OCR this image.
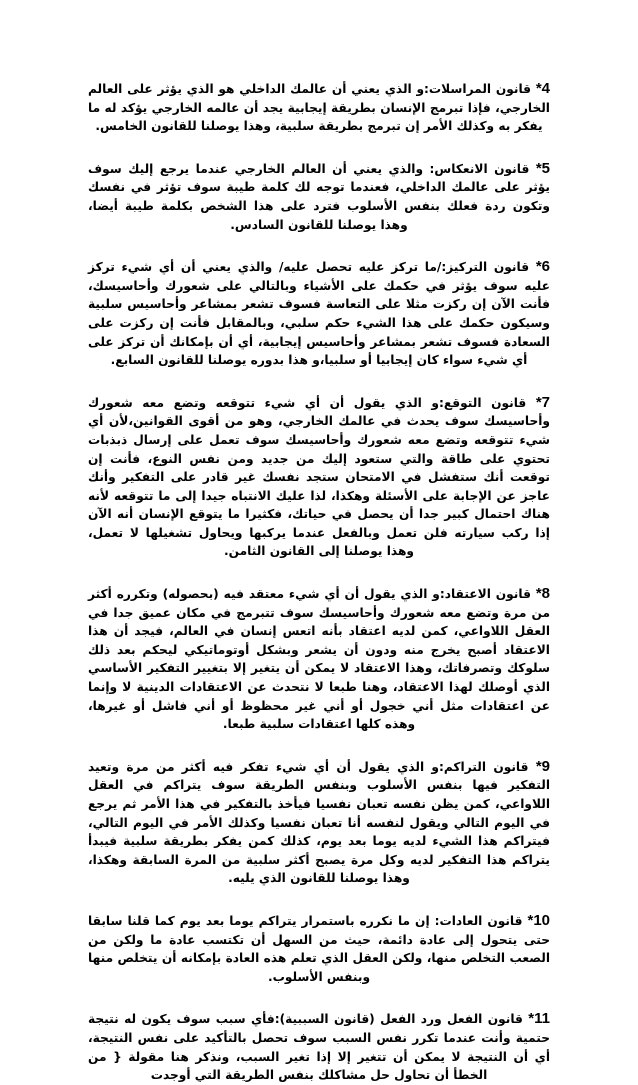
4* قانون المراسلات:و الذي يعني أن عالمك الداخلي هو الذي يؤثر على العالم الخارجي، فإذا تبرمج الإنسان بطريقة إيجابية يجد أن عالمه الخارجي يؤكد له ما يفكر به وكذلك الأمر إن تبرمج بطريقة سلبية، وهذا يوصلنا للقانون الخامس.

5* قانون الانعكاس: والذي يعني أن العالم الخارجي عندما يرجع إليك سوف يؤثر على عالمك الداخلي، فعندما توجه لك كلمة طيبة سوف تؤثر في نفسك وتكون ردة فعلك بنفس الأسلوب فترد على هذا الشخص بكلمة طيبة أيضا، وهذا يوصلنا للقانون السادس.

6* قانون التركيز:/ما تركز عليه تحصل عليه/ والذي يعني أن أي شيء تركز عليه سوف يؤثر في حكمك على الأشياء وبالتالي على شعورك وأحاسيسك، فأنت الآن إن ركزت مثلا على التعاسة فسوف تشعر بمشاعر وأحاسيس سلبية وسيكون حكمك على هذا الشيء حكم سلبي، وبالمقابل فأنت إن ركزت على السعادة فسوف تشعر بمشاعر وأحاسيس إيجابية، أي أن بإمكانك أن تركز على أي شيء سواء كان إيجابيا أو سلبيا،و هذا بدوره يوصلنا للقانون السابع.

7* قانون التوقع:و الذي يقول أن أي شيء تتوقعه وتضع معه شعورك وأحاسيسك سوف يحدث في عالمك الخارجي، وهو من أقوى القوانين،لأن أي شيء تتوقعه وتضع معه شعورك وأحاسيسك سوف تعمل على إرسال ذبذبات تحتوي على طاقة والتي ستعود إليك من جديد ومن نفس النوع، فأنت إن توقعت أنك ستفشل في الامتحان ستجد نفسك غير قادر على التفكير وأنك عاجز عن الإجابة على الأسئلة وهكذا، لذا عليك الانتباه جيدا إلى ما تتوقعه لأنه هناك احتمال كبير جدا أن يحصل في حياتك، فكثيرا ما يتوقع الإنسان أنه الآن إذا ركب سيارته فلن تعمل وبالفعل عندما يركبها ويحاول تشغيلها لا تعمل، وهذا يوصلنا إلى القانون الثامن.

8* قانون الاعتقاد:و الذي يقول أن أي شيء معتقد فيه (بحصوله) وتكرره أكثر من مرة وتضع معه شعورك وأحاسيسك سوف تتبرمج في مكان عميق جدا في العقل اللاواعي، كمن لديه اعتقاد بأنه اتعس إنسان في العالم، فيجد أن هذا الاعتقاد أصبح يخرج منه ودون أن يشعر وبشكل أوتوماتيكي ليحكم بعد ذلك سلوكك وتصرفاتك، وهذا الاعتقاد لا يمكن أن يتغير إلا بتغيير التفكير الأساسي الذي أوصلك لهذا الاعتقاد، وهنا طبعا لا نتحدث عن الاعتقادات الدينية لا وإنما عن اعتقادات مثل أني خجول أو أني غير محظوظ أو أني فاشل أو غيرها، وهذه كلها اعتقادات سلبية طبعا.

9* قانون التراكم:و الذي يقول أن أي شيء تفكر فيه أكثر من مرة وتعيد التفكير فيها بنفس الأسلوب وبنفس الطريقة سوف يتراكم في العقل اللاواعي، كمن يظن نفسه تعبان نفسيا فيأخذ بالتفكير في هذا الأمر ثم يرجع في اليوم التالي ويقول لنفسه أنا تعبان نفسيا وكذلك الأمر في اليوم التالي، فيتراكم هذا الشيء لديه يوما بعد يوم، كذلك كمن يفكر بطريقة سلبية فيبدأ يتراكم هذا التفكير لديه وكل مرة يصبح أكثر سلبية من المرة السابقة وهكذا، وهذا يوصلنا للقانون الذي يليه.

10* قانون العادات: إن ما نكرره باستمرار يتراكم يوما بعد يوم كما قلنا سابقا حتى يتحول إلى عادة دائمة، حيث من السهل أن تكتسب عادة ما ولكن من الصعب التخلص منها، ولكن العقل الذي تعلم هذه العادة بإمكانه أن يتخلص منها وبنفس الأسلوب.

11* قانون الفعل ورد الفعل (قانون السببية):فأي سبب سوف يكون له نتيجة حتمية وأنت عندما تكرر نفس السبب سوف تحصل بالتأكيد على نفس النتيجة، أي أن النتيجة لا يمكن أن تتغير إلا إذا تغير السبب، ونذكر هنا مقولة { من الخطأ أن تحاول حل مشاكلك بنفس الطريقة التي أوجدت
